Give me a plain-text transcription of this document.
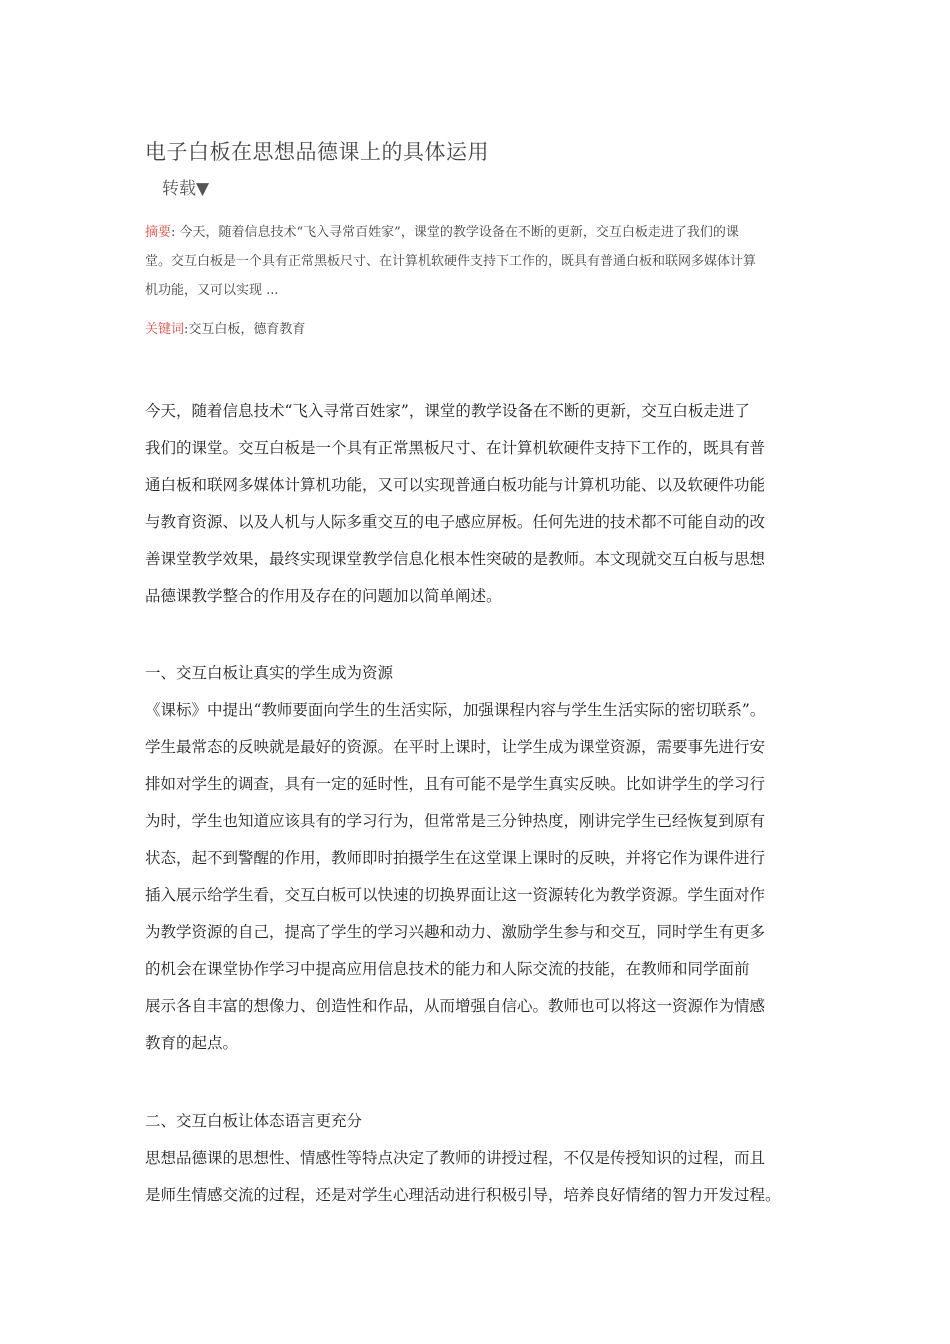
电子白板在思想品德课上的具体运用
转载▼
摘要: 今天，随着信息技术“飞入寻常百姓家”，课堂的教学设备在不断的更新，交互白板走进了我们的课
堂。交互白板是一个具有正常黑板尺寸、在计算机软硬件支持下工作的，既具有普通白板和联网多媒体计算
机功能，又可以实现 ...
关键词:交互白板，德育教育
今天，随着信息技术“飞入寻常百姓家”，课堂的教学设备在不断的更新，交互白板走进了
我们的课堂。交互白板是一个具有正常黑板尺寸、在计算机软硬件支持下工作的，既具有普
通白板和联网多媒体计算机功能，又可以实现普通白板功能与计算机功能、以及软硬件功能
与教育资源、以及人机与人际多重交互的电子感应屏板。任何先进的技术都不可能自动的改
善课堂教学效果，最终实现课堂教学信息化根本性突破的是教师。本文现就交互白板与思想
品德课教学整合的作用及存在的问题加以简单阐述。
一、交互白板让真实的学生成为资源
《课标》中提出“教师要面向学生的生活实际，加强课程内容与学生生活实际的密切联系”。
学生最常态的反映就是最好的资源。在平时上课时，让学生成为课堂资源，需要事先进行安
排如对学生的调查，具有一定的延时性，且有可能不是学生真实反映。比如讲学生的学习行
为时，学生也知道应该具有的学习行为，但常常是三分钟热度，刚讲完学生已经恢复到原有
状态，起不到警醒的作用，教师即时拍摄学生在这堂课上课时的反映，并将它作为课件进行
插入展示给学生看，交互白板可以快速的切换界面让这一资源转化为教学资源。学生面对作
为教学资源的自己，提高了学生的学习兴趣和动力、激励学生参与和交互，同时学生有更多
的机会在课堂协作学习中提高应用信息技术的能力和人际交流的技能，在教师和同学面前
展示各自丰富的想像力、创造性和作品，从而增强自信心。教师也可以将这一资源作为情感
教育的起点。
二、交互白板让体态语言更充分
思想品德课的思想性、情感性等特点决定了教师的讲授过程，不仅是传授知识的过程，而且
是师生情感交流的过程，还是对学生心理活动进行积极引导，培养良好情绪的智力开发过程。
